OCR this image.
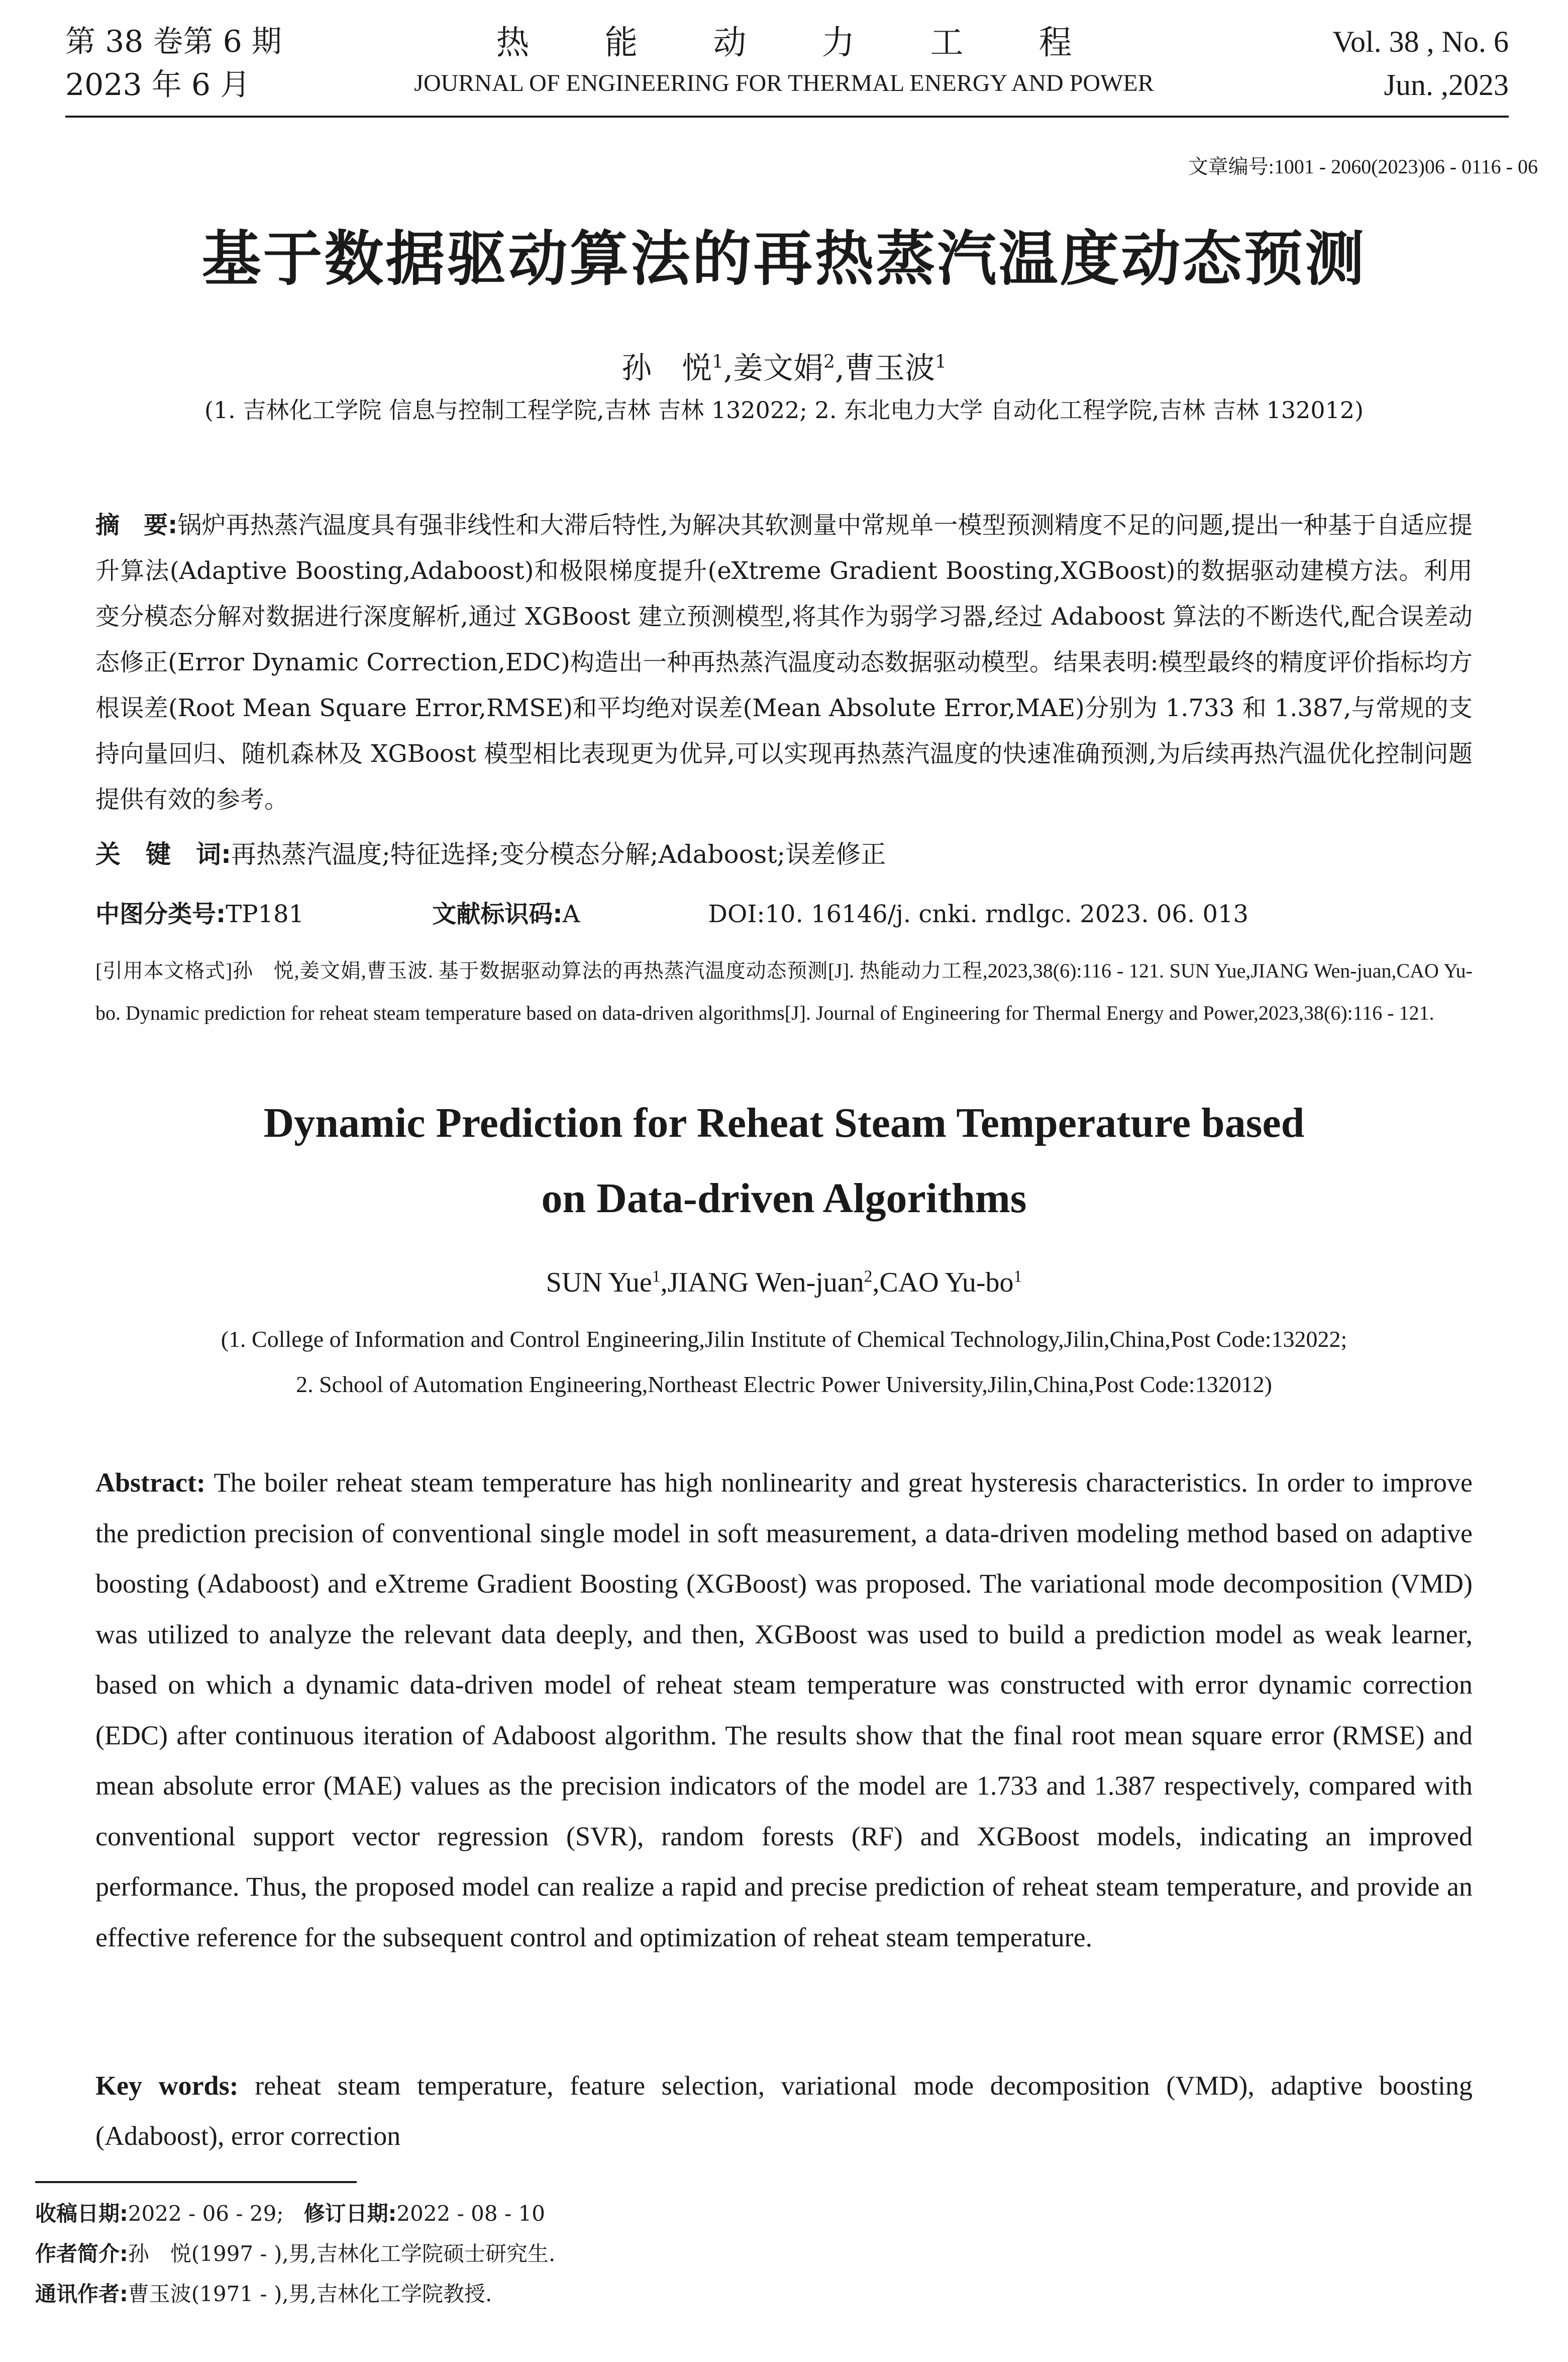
第 38 卷第 6 期
2023 年 6 月
热能动力工程
JOURNAL OF ENGINEERING FOR THERMAL ENERGY AND POWER
Vol. 38 , No. 6
Jun. ,2023
文章编号:1001 - 2060(2023)06 - 0116 - 06
基于数据驱动算法的再热蒸汽温度动态预测
孙　悦$^1$,姜文娟$^2$,曹玉波$^1$
(1. 吉林化工学院 信息与控制工程学院,吉林 吉林 132022; 2. 东北电力大学 自动化工程学院,吉林 吉林 132012)
摘　要:锅炉再热蒸汽温度具有强非线性和大滞后特性,为解决其软测量中常规单一模型预测精度不足的问题,提出一种基于自适应提升算法(Adaptive Boosting,Adaboost)和极限梯度提升(eXtreme Gradient Boosting,XGBoost)的数据驱动建模方法。利用变分模态分解对数据进行深度解析,通过 XGBoost 建立预测模型,将其作为弱学习器,经过 Adaboost 算法的不断迭代,配合误差动态修正(Error Dynamic Correction,EDC)构造出一种再热蒸汽温度动态数据驱动模型。结果表明:模型最终的精度评价指标均方根误差(Root Mean Square Error,RMSE)和平均绝对误差(Mean Absolute Error,MAE)分别为 1.733 和 1.387,与常规的支持向量回归、随机森林及 XGBoost 模型相比表现更为优异,可以实现再热蒸汽温度的快速准确预测,为后续再热汽温优化控制问题提供有效的参考。
关　键　词:再热蒸汽温度;特征选择;变分模态分解;Adaboost;误差修正
中图分类号:TP181	文献标识码:A	DOI:10. 16146/j. cnki. rndlgc. 2023. 06. 013
[引用本文格式]孙　悦,姜文娟,曹玉波. 基于数据驱动算法的再热蒸汽温度动态预测[J]. 热能动力工程,2023,38(6):116 - 121. SUN Yue,JIANG Wen-juan,CAO Yu-bo. Dynamic prediction for reheat steam temperature based on data-driven algorithms[J]. Journal of Engineering for Thermal Energy and Power,2023,38(6):116 - 121.
Dynamic Prediction for Reheat Steam Temperature based
on Data-driven Algorithms
SUN Yue$^1$,JIANG Wen-juan$^2$,CAO $Yu-bo^1$
(1. College of Information and Control Engineering,Jilin Institute of Chemical Technology,Jilin,China,Post Code:132022;
2. School of Automation Engineering,Northeast Electric Power University,Jilin,China,Post Code:132012)
Abstract: The boiler reheat steam temperature has high nonlinearity and great hysteresis characteristics. In order to improve the prediction precision of conventional single model in soft measurement, a data-driven modeling method based on adaptive boosting (Adaboost) and eXtreme Gradient Boosting (XGBoost) was proposed. The variational mode decomposition (VMD) was utilized to analyze the relevant data deeply, and then, XGBoost was used to build a prediction model as weak learner, based on which a dynamic data-driven model of reheat steam temperature was constructed with error dynamic correction (EDC) after continuous iteration of Adaboost algorithm. The results show that the final root mean square error (RMSE) and mean absolute error (MAE) values as the precision indicators of the model are 1.733 and 1.387 respectively, compared with conventional support vector regression (SVR), random forests (RF) and XGBoost models, indicating an improved performance. Thus, the proposed model can realize a rapid and precise prediction of reheat steam temperature, and provide an effective reference for the subsequent control and optimization of reheat steam temperature.
Key words: reheat steam temperature, feature selection, variational mode decomposition (VMD), adaptive boosting (Adaboost), error correction
收稿日期:2022 - 06 - 29; 修订日期:2022 - 08 - 10
作者简介:孙　悦(1997 - ),男,吉林化工学院硕士研究生.
通讯作者:曹玉波(1971 - ),男,吉林化工学院教授.
